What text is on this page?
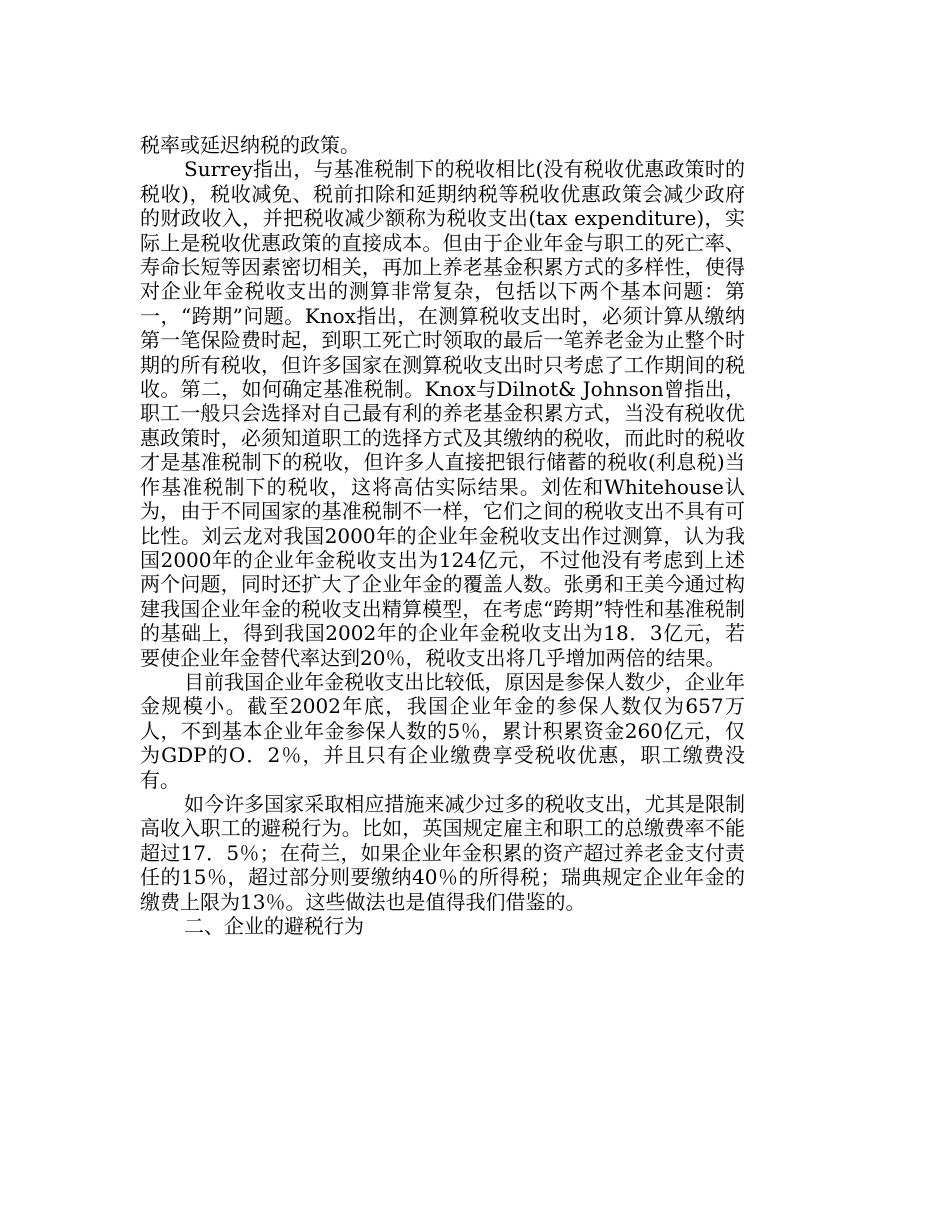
税率或延迟纳税的政策。

Surrey指出，与基准税制下的税收相比(没有税收优惠政策时的税收)，税收减免、税前扣除和延期纳税等税收优惠政策会减少政府的财政收入，并把税收减少额称为税收支出(tax expenditure)，实际上是税收优惠政策的直接成本。但由于企业年金与职工的死亡率、寿命长短等因素密切相关，再加上养老基金积累方式的多样性，使得对企业年金税收支出的测算非常复杂，包括以下两个基本问题：第一，“跨期”问题。Knox指出，在测算税收支出时，必须计算从缴纳第一笔保险费时起，到职工死亡时领取的最后一笔养老金为止整个时期的所有税收，但许多国家在测算税收支出时只考虑了工作期间的税收。第二，如何确定基准税制。Knox与Dilnot& Johnson曾指出，职工一般只会选择对自己最有利的养老基金积累方式，当没有税收优惠政策时，必须知道职工的选择方式及其缴纳的税收，而此时的税收才是基准税制下的税收，但许多人直接把银行储蓄的税收(利息税)当作基准税制下的税收，这将高估实际结果。刘佐和Whitehouse认为，由于不同国家的基准税制不一样，它们之间的税收支出不具有可比性。刘云龙对我国2000年的企业年金税收支出作过测算，认为我国2000年的企业年金税收支出为124亿元，不过他没有考虑到上述两个问题，同时还扩大了企业年金的覆盖人数。张勇和王美今通过构建我国企业年金的税收支出精算模型，在考虑“跨期”特性和基准税制的基础上，得到我国2002年的企业年金税收支出为18．3亿元，若要使企业年金替代率达到20％，税收支出将几乎增加两倍的结果。

目前我国企业年金税收支出比较低，原因是参保人数少，企业年金规模小。截至2002年底，我国企业年金的参保人数仅为657万人，不到基本企业年金参保人数的5％，累计积累资金260亿元，仅为GDP的O．2％，并且只有企业缴费享受税收优惠，职工缴费没有。

如今许多国家采取相应措施来减少过多的税收支出，尤其是限制高收入职工的避税行为。比如，英国规定雇主和职工的总缴费率不能超过17．5％；在荷兰，如果企业年金积累的资产超过养老金支付责任的15％，超过部分则要缴纳40％的所得税；瑞典规定企业年金的缴费上限为13％。这些做法也是值得我们借鉴的。

二、企业的避税行为
